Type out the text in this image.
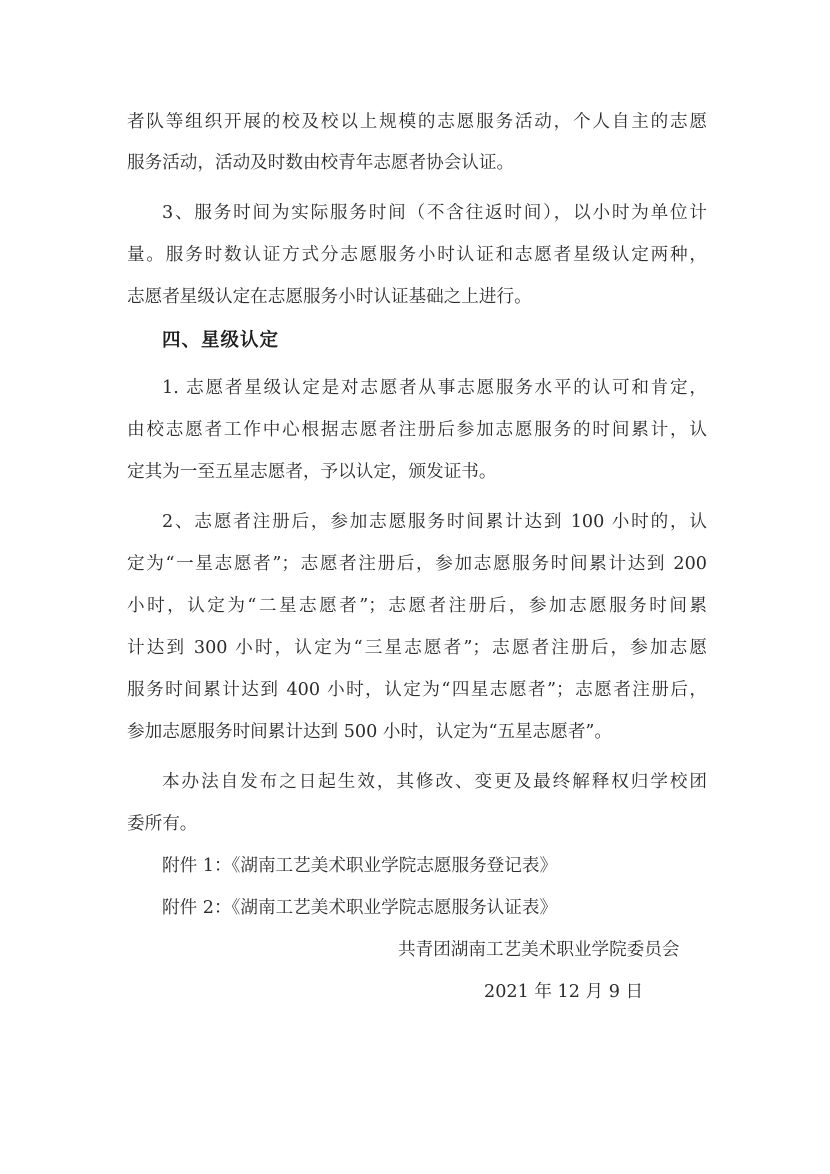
者队等组织开展的校及校以上规模的志愿服务活动，个人自主的志愿
服务活动，活动及时数由校青年志愿者协会认证。
3、服务时间为实际服务时间（不含往返时间），以小时为单位计
量。服务时数认证方式分志愿服务小时认证和志愿者星级认定两种，
志愿者星级认定在志愿服务小时认证基础之上进行。
四、星级认定
1. 志愿者星级认定是对志愿者从事志愿服务水平的认可和肯定，
由校志愿者工作中心根据志愿者注册后参加志愿服务的时间累计，认
定其为一至五星志愿者，予以认定，颁发证书。
2、志愿者注册后，参加志愿服务时间累计达到 100 小时的，认
定为“一星志愿者”；志愿者注册后，参加志愿服务时间累计达到 200
小时，认定为“二星志愿者”；志愿者注册后，参加志愿服务时间累
计达到 300 小时，认定为“三星志愿者”；志愿者注册后，参加志愿
服务时间累计达到 400 小时，认定为“四星志愿者”；志愿者注册后，
参加志愿服务时间累计达到 500 小时，认定为“五星志愿者”。
本办法自发布之日起生效，其修改、变更及最终解释权归学校团
委所有。
附件 1：《湖南工艺美术职业学院志愿服务登记表》
附件 2：《湖南工艺美术职业学院志愿服务认证表》
共青团湖南工艺美术职业学院委员会
2021 年 12 月 9 日
